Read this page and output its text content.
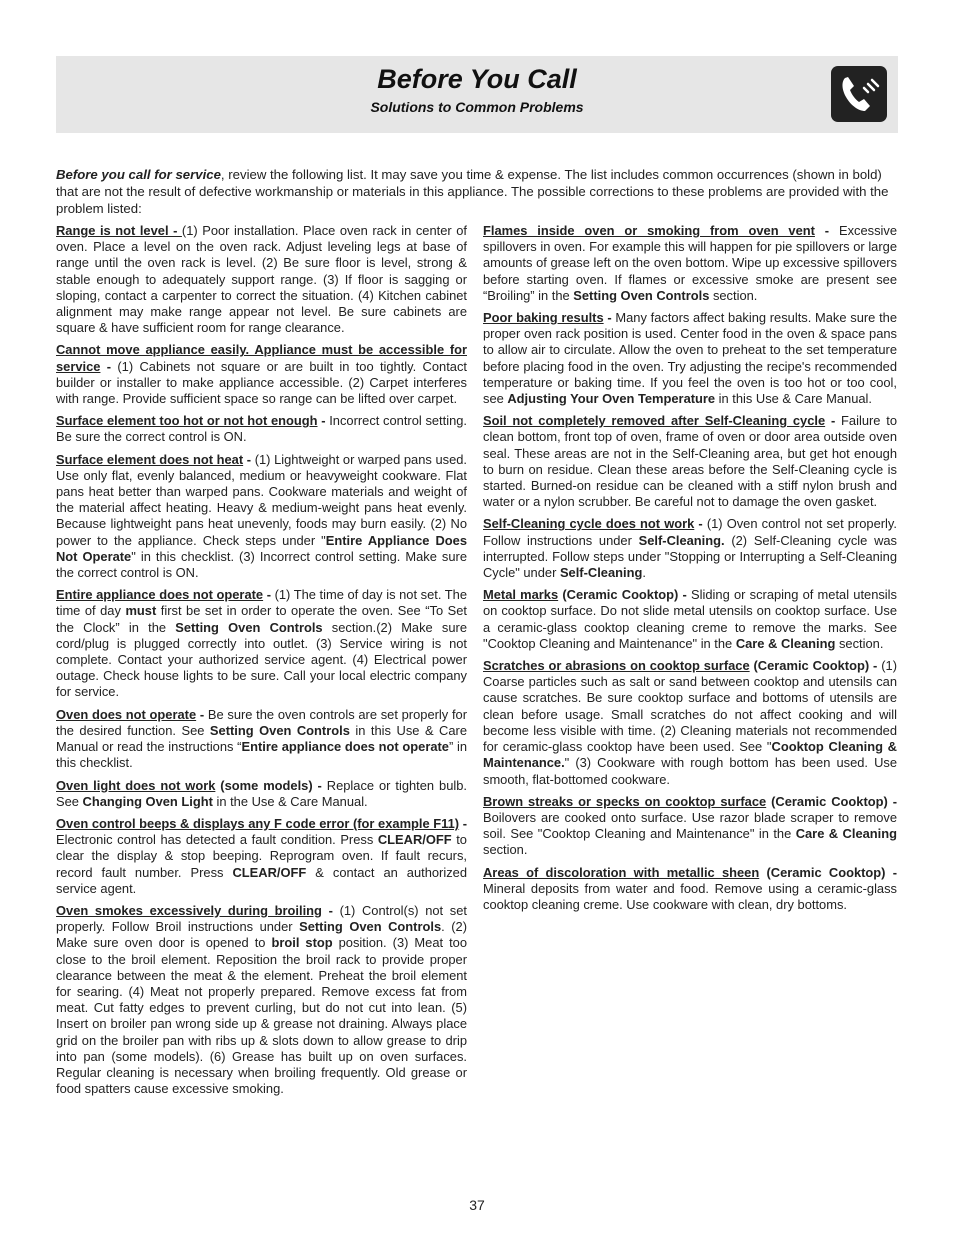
Before You Call
Solutions to Common Problems
Before you call for service, review the following list. It may save you time & expense. The list includes common occurrences (shown in bold) that are not the result of defective workmanship or materials in this appliance. The possible corrections to these problems are provided with the problem listed:

Range is not level - (1) Poor installation. Place oven rack in center of oven. Place a level on the oven rack. Adjust leveling legs at base of range until the oven rack is level. (2) Be sure floor is level, strong & stable enough to adequately support range. (3) If floor is sagging or sloping, contact a carpenter to correct the situation. (4) Kitchen cabinet alignment may make range appear not level. Be sure cabinets are square & have sufficient room for range clearance.

Cannot move appliance easily. Appliance must be accessible for service - (1) Cabinets not square or are built in too tightly. Contact builder or installer to make appliance accessible. (2) Carpet interferes with range. Provide sufficient space so range can be lifted over carpet.

Surface element too hot or not hot enough - Incorrect control setting. Be sure the correct control is ON.

Surface element does not heat - (1) Lightweight or warped pans used. Use only flat, evenly balanced, medium or heavyweight cookware. Flat pans heat better than warped pans. Cookware materials and weight of the material affect heating. Heavy & medium-weight pans heat evenly. Because lightweight pans heat unevenly, foods may burn easily. (2) No power to the appliance. Check steps under "Entire Appliance Does Not Operate" in this checklist. (3) Incorrect control setting. Make sure the correct control is ON.

Entire appliance does not operate - (1) The time of day is not set. The time of day must first be set in order to operate the oven. See “To Set the Clock” in the Setting Oven Controls section.(2) Make sure cord/plug is plugged correctly into outlet. (3) Service wiring is not complete. Contact your authorized service agent. (4) Electrical power outage. Check house lights to be sure. Call your local electric company for service.

Oven does not operate - Be sure the oven controls are set properly for the desired function. See Setting Oven Controls in this Use & Care Manual or read the instructions “Entire appliance does not operate” in this checklist.

Oven light does not work (some models) - Replace or tighten bulb. See Changing Oven Light in the Use & Care Manual.

Oven control beeps & displays any F code error (for example F11) - Electronic control has detected a fault condition. Press CLEAR/OFF to clear the display & stop beeping. Reprogram oven. If fault recurs, record fault number. Press CLEAR/OFF & contact an authorized service agent.

Oven smokes excessively during broiling - (1) Control(s) not set properly. Follow Broil instructions under Setting Oven Controls. (2) Make sure oven door is opened to broil stop position. (3) Meat too close to the broil element. Reposition the broil rack to provide proper clearance between the meat & the element. Preheat the broil element for searing. (4) Meat not properly prepared. Remove excess fat from meat. Cut fatty edges to prevent curling, but do not cut into lean. (5) Insert on broiler pan wrong side up & grease not draining. Always place grid on the broiler pan with ribs up & slots down to allow grease to drip into pan (some models). (6) Grease has built up on oven surfaces. Regular cleaning is necessary when broiling frequently. Old grease or food spatters cause excessive smoking.

Flames inside oven or smoking from oven vent - Excessive spillovers in oven. For example this will happen for pie spillovers or large amounts of grease left on the oven bottom. Wipe up excessive spillovers before starting oven. If flames or excessive smoke are present see “Broiling” in the Setting Oven Controls section.

Poor baking results - Many factors affect baking results. Make sure the proper oven rack position is used. Center food in the oven & space pans to allow air to circulate. Allow the oven to preheat to the set temperature before placing food in the oven. Try adjusting the recipe's recommended temperature or baking time. If you feel the oven is too hot or too cool, see Adjusting Your Oven Temperature in this Use & Care Manual.

Soil not completely removed after Self-Cleaning cycle - Failure to clean bottom, front top of oven, frame of oven or door area outside oven seal. These areas are not in the Self-Cleaning area, but get hot enough to burn on residue. Clean these areas before the Self-Cleaning cycle is started. Burned-on residue can be cleaned with a stiff nylon brush and water or a nylon scrubber. Be careful not to damage the oven gasket.

Self-Cleaning cycle does not work - (1) Oven control not set properly. Follow instructions under Self-Cleaning. (2) Self-Cleaning cycle was interrupted. Follow steps under "Stopping or Interrupting a Self-Cleaning Cycle" under Self-Cleaning.

Metal marks (Ceramic Cooktop) - Sliding or scraping of metal utensils on cooktop surface. Do not slide metal utensils on cooktop surface. Use a ceramic-glass cooktop cleaning creme to remove the marks. See "Cooktop Cleaning and Maintenance" in the Care & Cleaning section.

Scratches or abrasions on cooktop surface (Ceramic Cooktop) - (1) Coarse particles such as salt or sand between cooktop and utensils can cause scratches. Be sure cooktop surface and bottoms of utensils are clean before usage. Small scratches do not affect cooking and will become less visible with time. (2) Cleaning materials not recommended for ceramic-glass cooktop have been used. See "Cooktop Cleaning & Maintenance." (3) Cookware with rough bottom has been used. Use smooth, flat-bottomed cookware.

Brown streaks or specks on cooktop surface (Ceramic Cooktop) - Boilovers are cooked onto surface. Use razor blade scraper to remove soil. See "Cooktop Cleaning and Maintenance" in the Care & Cleaning section.

Areas of discoloration with metallic sheen (Ceramic Cooktop) - Mineral deposits from water and food. Remove using a ceramic-glass cooktop cleaning creme. Use cookware with clean, dry bottoms.

37
